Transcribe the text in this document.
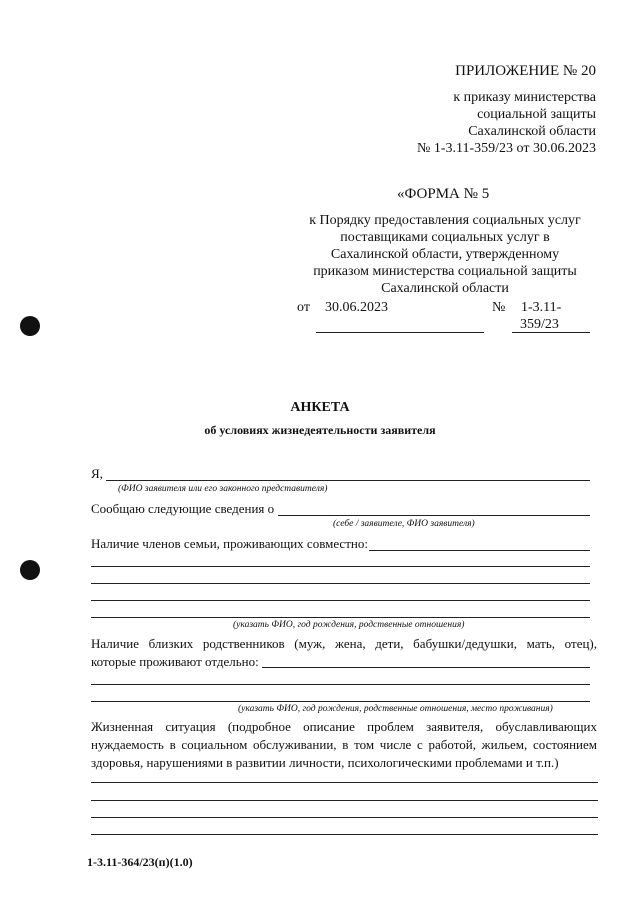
ПРИЛОЖЕНИЕ № 20
к приказу министерства
социальной защиты
Сахалинской области
№ 1-3.11-359/23 от 30.06.2023
«ФОРМА № 5
к Порядку предоставления социальных услуг
поставщиками социальных услуг в
Сахалинской области, утвержденному
приказом министерства социальной защиты
Сахалинской области
от 30.06.2023	№ 1-3.11-
359/23
АНКЕТА
об условиях жизнедеятельности заявителя
Я,
(ФИО заявителя или его законного представителя)
Сообщаю следующие сведения о
(себе / заявителе, ФИО заявителя)
Наличие членов семьи, проживающих совместно:
(указать ФИО, год рождения, родственные отношения)
Наличие близких родственников (муж, жена, дети, бабушки/дедушки, мать, отец),
которые проживают отдельно:
(указать ФИО, год рождения, родственные отношения, место проживания)
Жизненная ситуация (подробное описание проблем заявителя, обуславливающих
нуждаемость в социальном обслуживании, в том числе с работой, жильем, состоянием
здоровья, нарушениями в развитии личности, психологическими проблемами и т.п.)
1-3.11-364/23(п)(1.0)
